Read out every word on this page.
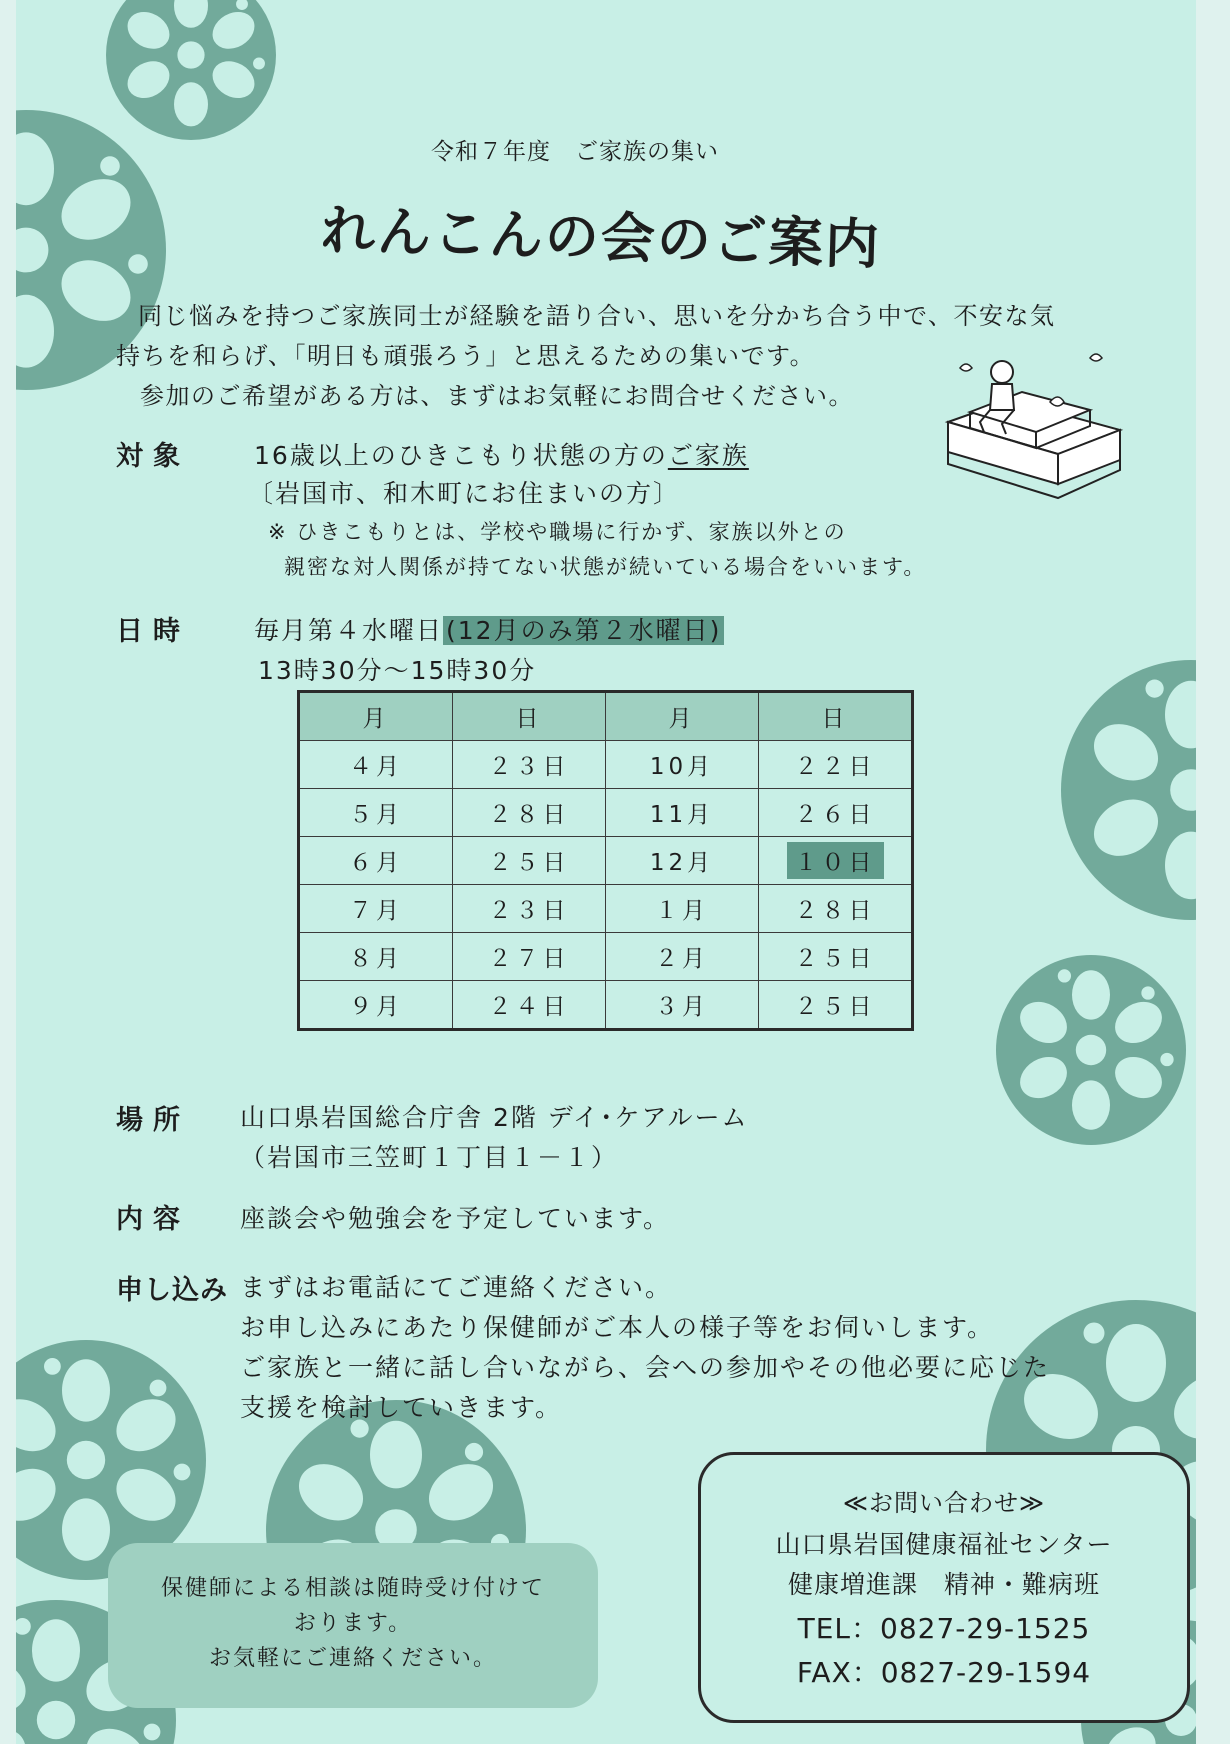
令和７年度　ご家族の集い
れんこんの会のご案内
同じ悩みを持つご家族同士が経験を語り合い、思いを分かち合う中で、不安な気
持ちを和らげ、「明日も頑張ろう」と思えるための集いです。
参加のご希望がある方は、まずはお気軽にお問合せください。
対象	16歳以上のひきこもり状態の方のご家族
〔岩国市、和木町にお住まいの方〕
※ ひきこもりとは、学校や職場に行かず、家族以外との
親密な対人関係が持てない状態が続いている場合をいいます。
日時	毎月第４水曜日 (12月のみ第２水曜日)
13時30分～15時30分
月	日	月	日
４月	２３日	10月	２２日
５月	２８日	11月	２６日
６月	２５日	12月	１０日
７月	２３日	１月	２８日
８月	２７日	２月	２５日
９月	２４日	３月	２５日
場所 山口県岩国総合庁舎 2階 デイ･ケアルーム
（岩国市三笠町１丁目１－１）
内容 座談会や勉強会を予定しています。
申し込み まずはお電話にてご連絡ください。
お申し込みにあたり保健師がご本人の様子等をお伺いします。
ご家族と一緒に話し合いながら、会への参加やその他必要に応じた
支援を検討していきます。
保健師による相談は随時受け付けて
おります。
お気軽にご連絡ください。
≪お問い合わせ≫
山口県岩国健康福祉センター
健康増進課　精神・難病班
TEL：0827-29-1525
FAX：0827-29-1594
